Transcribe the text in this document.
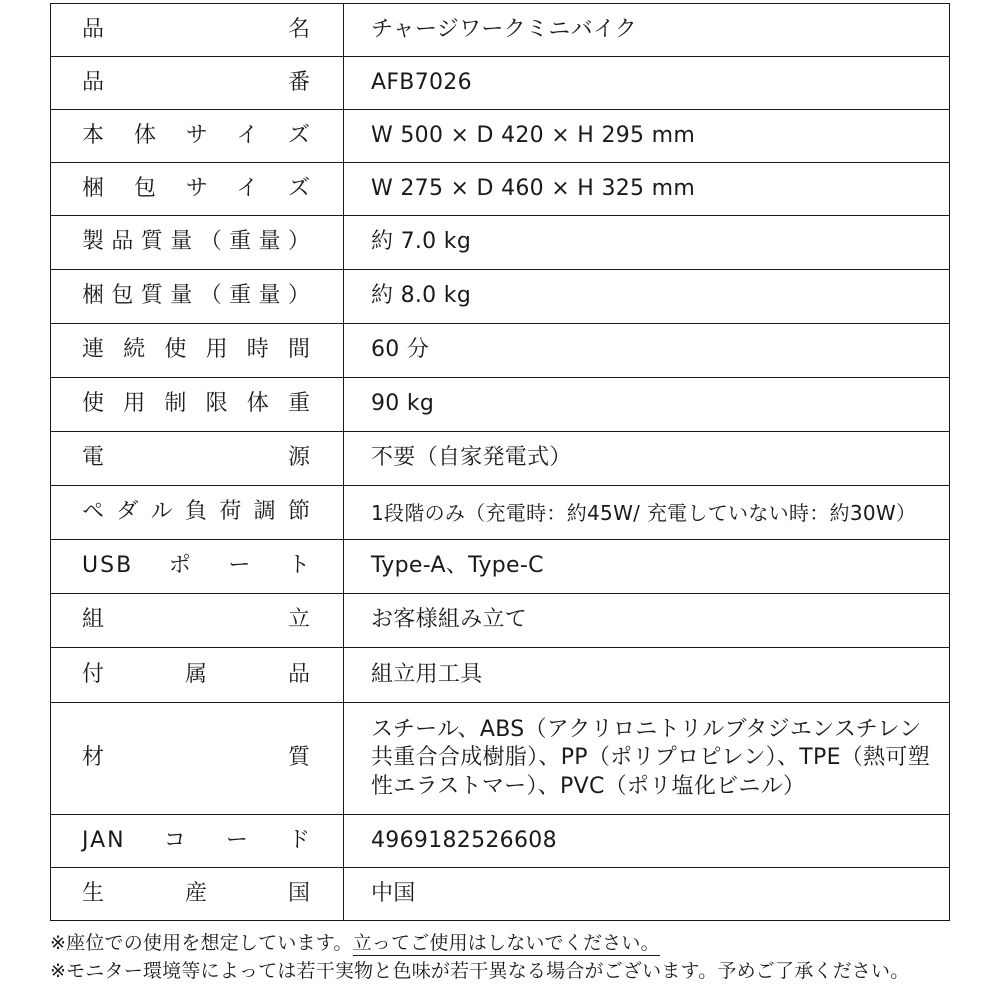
品名	チャージワークミニバイク

品番	AFB7026

本体サイズ	W 500 × D 420 × H 295 mm

梱包サイズ	W 275 × D 460 × H 325 mm

製品質量（重量）	約 7.0 kg

梱包質量（重量）	約 8.0 kg

連続使用時間	60 分

使用制限体重	90 kg

電源	不要（自家発電式）

ペダル負荷調節	1段階のみ（充電時：約45W/ 充電していない時：約30W）

USBポート	Type-A、Type-C

組立	お客様組み立て

付属品	組立用工具

材質	スチール、ABS（アクリロニトリルブタジエンスチレン
共重合合成樹脂）、PP（ポリプロピレン）、TPE（熱可塑
性エラストマー）、PVC（ポリ塩化ビニル）

JANコード	4969182526608

生産国	中国
※座位での使用を想定しています。立ってご使用はしないでください。
※モニター環境等によっては若干実物と色味が若干異なる場合がございます。予めご了承ください。
